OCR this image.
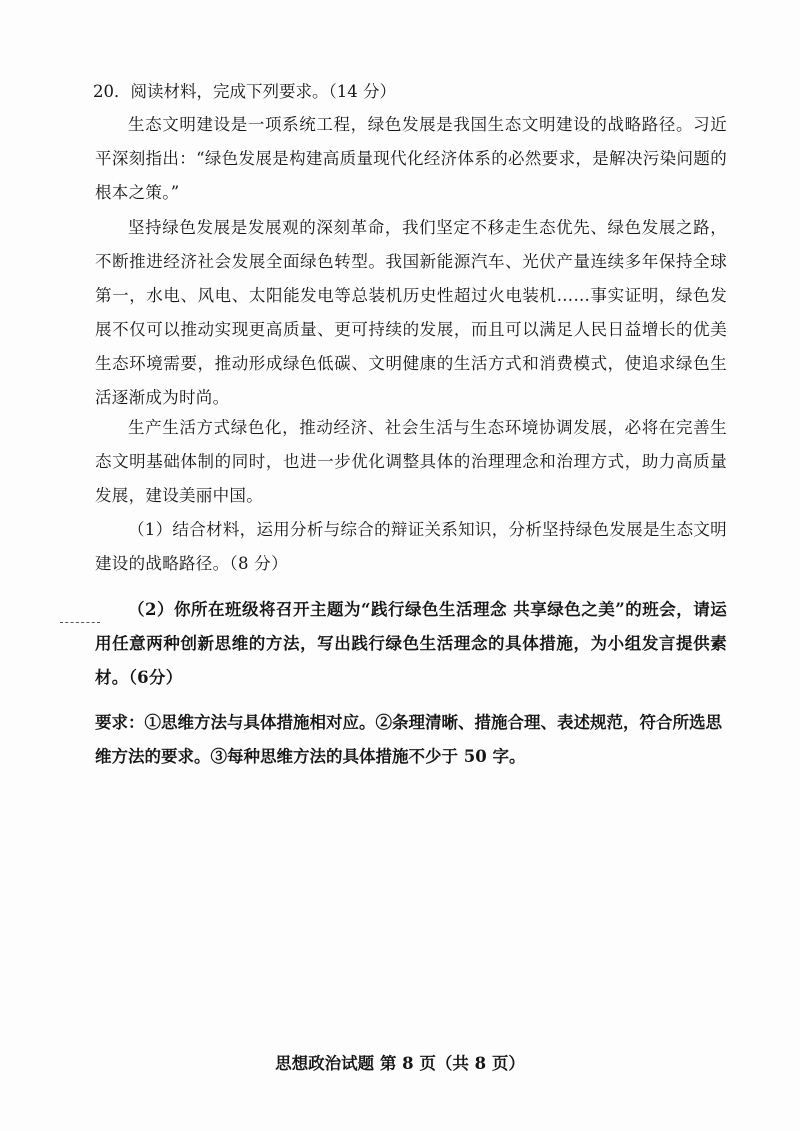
20．阅读材料，完成下列要求。（14 分）
生态文明建设是一项系统工程，绿色发展是我国生态文明建设的战略路径。习近平深刻指出：“绿色发展是构建高质量现代化经济体系的必然要求，是解决污染问题的根本之策。”
坚持绿色发展是发展观的深刻革命，我们坚定不移走生态优先、绿色发展之路，不断推进经济社会发展全面绿色转型。我国新能源汽车、光伏产量连续多年保持全球第一，水电、风电、太阳能发电等总装机历史性超过火电装机……事实证明，绿色发展不仅可以推动实现更高质量、更可持续的发展，而且可以满足人民日益增长的优美生态环境需要，推动形成绿色低碳、文明健康的生活方式和消费模式，使追求绿色生活逐渐成为时尚。
生产生活方式绿色化，推动经济、社会生活与生态环境协调发展，必将在完善生态文明基础体制的同时，也进一步优化调整具体的治理理念和治理方式，助力高质量发展，建设美丽中国。
（1）结合材料，运用分析与综合的辩证关系知识，分析坚持绿色发展是生态文明建设的战略路径。（8 分）
（2）你所在班级将召开主题为“践行绿色生活理念 共享绿色之美”的班会，请运用任意两种创新思维的方法，写出践行绿色生活理念的具体措施，为小组发言提供素材。（6分）
要求：①思维方法与具体措施相对应。②条理清晰、措施合理、表述规范，符合所选思维方法的要求。③每种思维方法的具体措施不少于 50 字。
思想政治试题 第 8 页（共 8 页）
